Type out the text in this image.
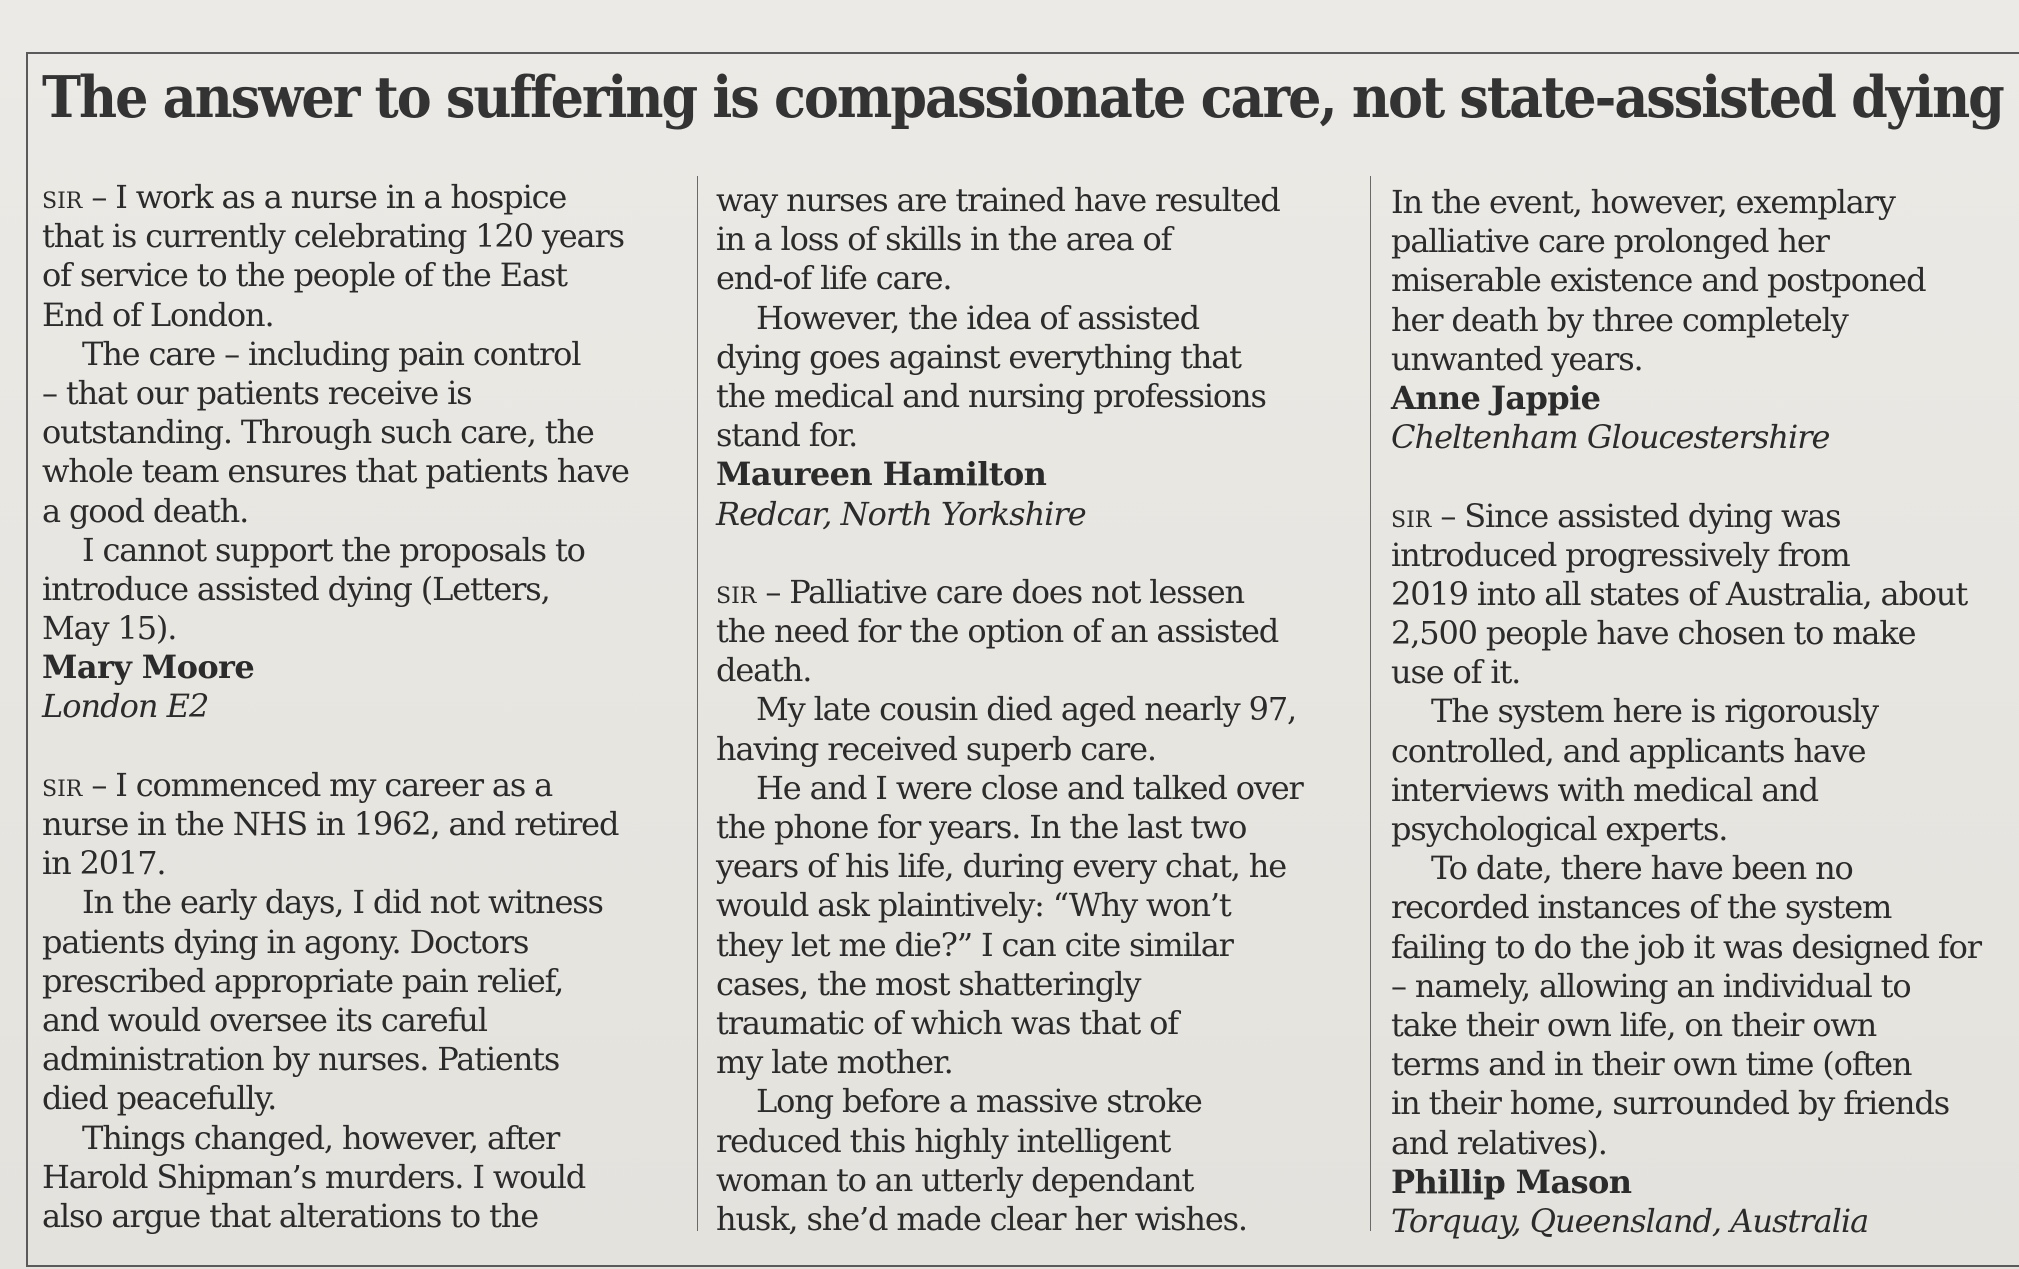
The answer to suffering is compassionate care, not state-assisted dying
sir – I work as a nurse in a hospice
that is currently celebrating 120 years
of service to the people of the East
End of London.
The care – including pain control
– that our patients receive is
outstanding. Through such care, the
whole team ensures that patients have
a good death.
I cannot support the proposals to
introduce assisted dying (Letters,
May 15).
Mary Moore
London E2
sir – I commenced my career as a
nurse in the NHS in 1962, and retired
in 2017.
In the early days, I did not witness
patients dying in agony. Doctors
prescribed appropriate pain relief,
and would oversee its careful
administration by nurses. Patients
died peacefully.
Things changed, however, after
Harold Shipman’s murders. I would
also argue that alterations to the
way nurses are trained have resulted
in a loss of skills in the area of
end-of life care.
However, the idea of assisted
dying goes against everything that
the medical and nursing professions
stand for.
Maureen Hamilton
Redcar, North Yorkshire
sir – Palliative care does not lessen
the need for the option of an assisted
death.
My late cousin died aged nearly 97,
having received superb care.
He and I were close and talked over
the phone for years. In the last two
years of his life, during every chat, he
would ask plaintively: “Why won’t
they let me die?” I can cite similar
cases, the most shatteringly
traumatic of which was that of
my late mother.
Long before a massive stroke
reduced this highly intelligent
woman to an utterly dependant
husk, she’d made clear her wishes.
In the event, however, exemplary
palliative care prolonged her
miserable existence and postponed
her death by three completely
unwanted years.
Anne Jappie
Cheltenham Gloucestershire
sir – Since assisted dying was
introduced progressively from
2019 into all states of Australia, about
2,500 people have chosen to make
use of it.
The system here is rigorously
controlled, and applicants have
interviews with medical and
psychological experts.
To date, there have been no
recorded instances of the system
failing to do the job it was designed for
– namely, allowing an individual to
take their own life, on their own
terms and in their own time (often
in their home, surrounded by friends
and relatives).
Phillip Mason
Torquay, Queensland, Australia
